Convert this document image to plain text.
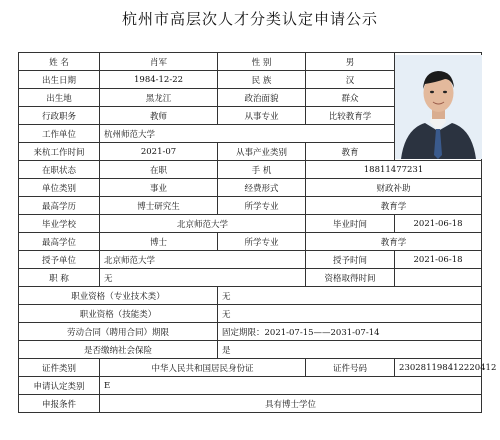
杭州市高层次人才分类认定申请公示
姓 名	肖军	性 别	男	

出生日期	1984-12-22	民 族	汉	
出生地	黑龙江	政治面貌	群众	
行政职务	教师	从事专业	比较教育学	
工作单位	杭州师范大学			
来杭工作时间	2021-07	从事产业类别	教育	
在职状态	在职	手 机	18811477231	
单位类别	事业	经费形式	财政补助	
最高学历	博士研究生	所学专业	教育学	
毕业学校	北京师范大学		毕业时间	2021-06-18
最高学位	博士	所学专业	教育学	
授予单位	北京师范大学		授予时间	2021-06-18
职 称	无		资格取得时间	
职业资格（专业技术类）		无		
职业资格（技能类）		无		
劳动合同（聘用合同）期限		固定期限：2021-07-15——2031-07-14		
是否缴纳社会保险		是		
证件类别	中华人民共和国居民身份证		证件号码	230281198412220412
申请认定类别	E			
申报条件	具有博士学位			
